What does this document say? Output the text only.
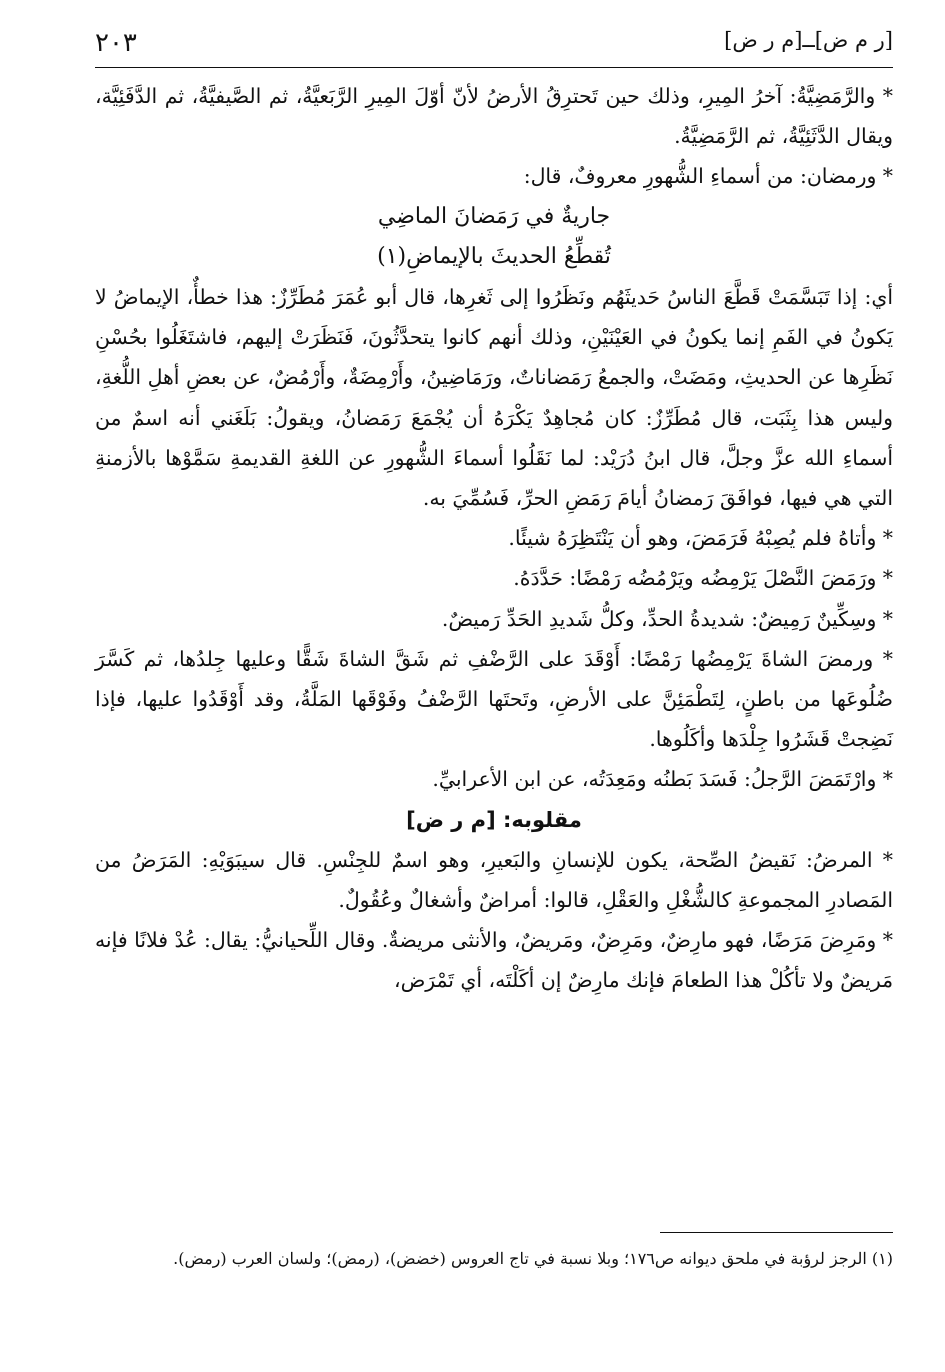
٢٠٣	[ر م ض]ــ[م ر ض]

* والرَّمَضِيَّةُ: آخرُ المِيرِ، وذلك حين تَحترِقُ الأرضُ لأنّ أوّلَ المِيرِ الرَّبَعيَّةُ، ثم الصَّيفيَّةُ، ثم الدَّفَئِيَّة، ويقال الدَّثَئِيَّةُ، ثم الرَّمَضِيَّةُ.

* ورمضان: من أسماءِ الشُّهورِ معروفٌ، قال:

جاريةٌ في رَمَضانَ الماضِي

تُقطِّعُ الحديثَ بالإيماضِ(١)

أي: إذا تَبَسَّمَتْ قَطَّعَ الناسُ حَديثَهُم ونَظَرُوا إلى ثَغرِها، قال أبو عُمَرَ مُطَرِّزٌ: هذا خطأٌ، الإيماضُ لا يَكونُ في الفَمِ إنما يكونُ في العَيْنَيْنِ، وذلك أنهم كانوا يتحدَّثُونَ، فَنَظَرَتْ إليهم، فاشتَغَلُوا بحُسْنِ نَظَرِها عن الحديثِ، ومَضَتْ، والجمعُ رَمَضاناتٌ، ورَمَاضِينُ، وأَرْمِضَةٌ، وأَرْمُضٌ، عن بعضِ أهلِ اللُّغةِ، وليس هذا بِثَبَت، قال مُطَرِّزٌ: كان مُجاهِدٌ يَكْرَهُ أن يُجْمَعَ رَمَضانُ، ويقولُ: بَلَغَني أنه اسمٌ من أسماءِ الله عزَّ وجلَّ، قال ابنُ دُرَيْد: لما نَقَلُوا أسماءَ الشُّهورِ عن اللغةِ القديمةِ سَمَّوْها بالأزمنةِ التي هي فيها، فوافَقَ رَمضانُ أيامَ رَمَضِ الحرِّ، فَسُمِّيَ به.

* وأتاهُ فلم يُصِبْهُ فَرَمَضَ، وهو أن يَنْتَظِرَهُ شيئًا.

* ورَمَضَ النَّصْلَ يَرْمِضُه ويَرْمُضُه رَمْضًا: حَدَّدَهُ.

* وسِكِّينٌ رَمِيضٌ: شديدةُ الحدِّ، وكلُّ شَديدِ الحَدِّ رَميضٌ.

* ورمضَ الشاةَ يَرْمِضُها رَمْضًا: أَوْقَدَ على الرَّضْفِ ثم شَقَّ الشاةَ شَقًّا وعليها جِلدُها، ثم كَسَّرَ ضُلُوعَها من باطنٍ، لِتَطْمَئِنَّ على الأرضِ، وتَحتَها الرَّضْفُ وفَوْقَها المَلَّةُ، وقد أَوْقَدُوا عليها، فإذا نَضِجتْ قَشَرُوا جِلْدَها وأكَلُوها.

* وارْتَمَضَ الرَّجلُ: فَسَدَ بَطنُه ومَعِدَتُه، عن ابن الأعرابيِّ.

مقلوبه: [م ر ض]

* المرضُ: نَقيضُ الصِّحة، يكون للإنسانِ والبَعيرِ، وهو اسمٌ للجِنْسِ. قال سيبَوَيْهِ: المَرَضُ من المَصادرِ المجموعةِ كالشُّغْلِ والعَقْلِ، قالوا: أمراضٌ وأشغالٌ وعُقُولٌ.

* ومَرِضَ مَرَضًا، فهو مارِضٌ، ومَرِضٌ، ومَريضٌ، والأنثى مريضةٌ. وقال اللِّحيانيُّ: يقال: عُدْ فلانًا فإنه مَريضٌ ولا تأكُلْ هذا الطعامَ فإنك مارِضٌ إن أكَلْتَه، أي تَمْرَض،

(١) الرجز لرؤبة في ملحق ديوانه ص١٧٦؛ وبلا نسبة في تاج العروس (خضض)، (رمض)؛ ولسان العرب (رمض).
